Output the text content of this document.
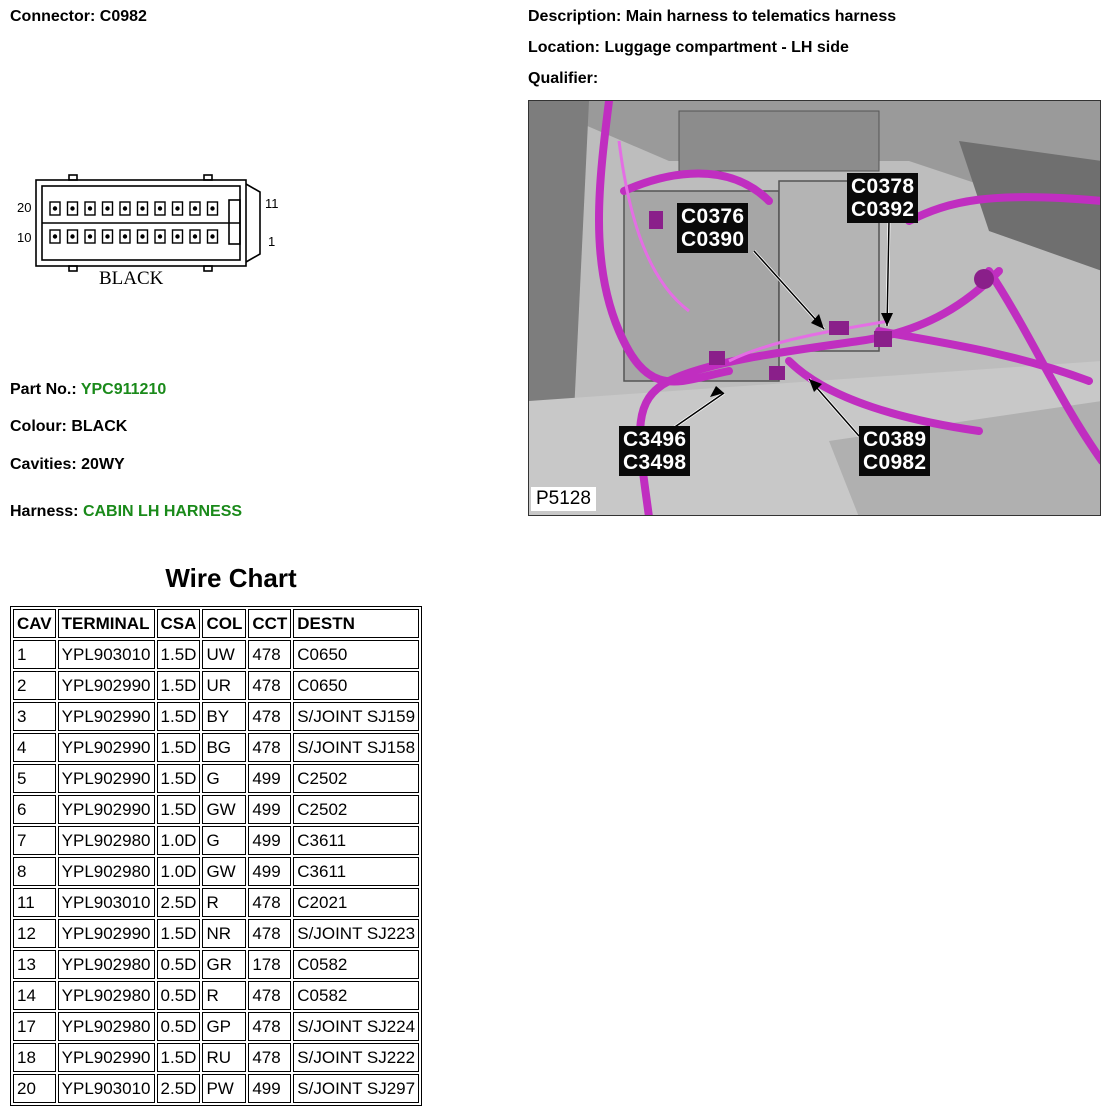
Connector: C0982	Description: Main harness to telematics harness
Location: Luggage compartment - LH side
Qualifier:
20
10
11
1
BLACK
Part No.: YPC911210
Colour: BLACK
Cavities: 20WY
Harness: CABIN LH HARNESS
C0376
C0390
C0378
C0392
C3496
C3498
C0389
C0982
P5128
Wire Chart
CAV	TERMINAL	CSA	COL	CCT	DESTN
1	YPL903010	1.5D	UW	478	C0650
2	YPL902990	1.5D	UR	478	C0650
3	YPL902990	1.5D	BY	478	S/JOINT SJ159
4	YPL902990	1.5D	BG	478	S/JOINT SJ158
5	YPL902990	1.5D	G	499	C2502
6	YPL902990	1.5D	GW	499	C2502
7	YPL902980	1.0D	G	499	C3611
8	YPL902980	1.0D	GW	499	C3611
11	YPL903010	2.5D	R	478	C2021
12	YPL902990	1.5D	NR	478	S/JOINT SJ223
13	YPL902980	0.5D	GR	178	C0582
14	YPL902980	0.5D	R	478	C0582
17	YPL902980	0.5D	GP	478	S/JOINT SJ224
18	YPL902990	1.5D	RU	478	S/JOINT SJ222
20	YPL903010	2.5D	PW	499	S/JOINT SJ297
